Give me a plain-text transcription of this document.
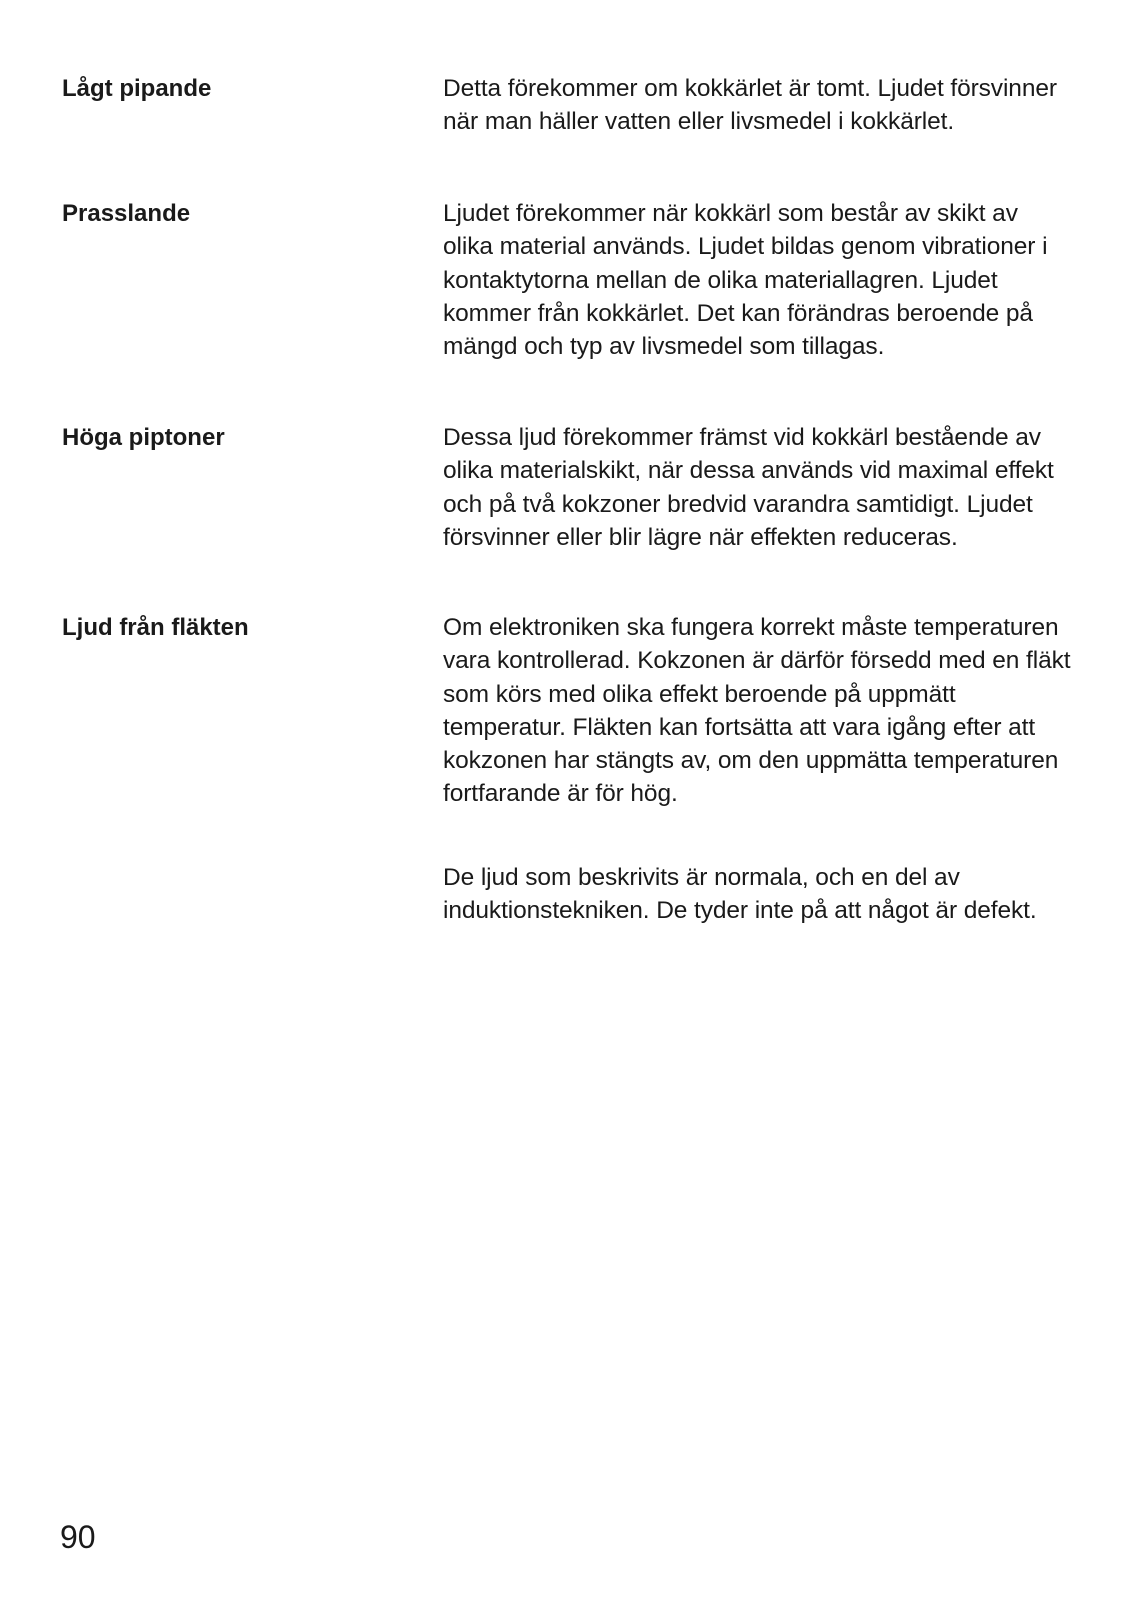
Lågt pipande	Detta förekommer om kokkärlet är tomt. Ljudet försvinner när man häller vatten eller livsmedel i kokkärlet.

Prasslande	Ljudet förekommer när kokkärl som består av skikt av olika material används. Ljudet bildas genom vibrationer i kontaktytorna mellan de olika materiallagren. Ljudet kommer från kokkärlet. Det kan förändras beroende på mängd och typ av livsmedel som tillagas.

Höga piptoner	Dessa ljud förekommer främst vid kokkärl bestående av olika materialskikt, när dessa används vid maximal effekt och på två kokzoner bredvid varandra samtidigt. Ljudet försvinner eller blir lägre när effekten reduceras.

Ljud från fläkten	Om elektroniken ska fungera korrekt måste temperaturen vara kontrollerad. Kokzonen är därför försedd med en fläkt som körs med olika effekt beroende på uppmätt temperatur. Fläkten kan fortsätta att vara igång efter att kokzonen har stängts av, om den uppmätta temperaturen fortfarande är för hög.

De ljud som beskrivits är normala, och en del av induktionstekniken. De tyder inte på att något är defekt.

90
